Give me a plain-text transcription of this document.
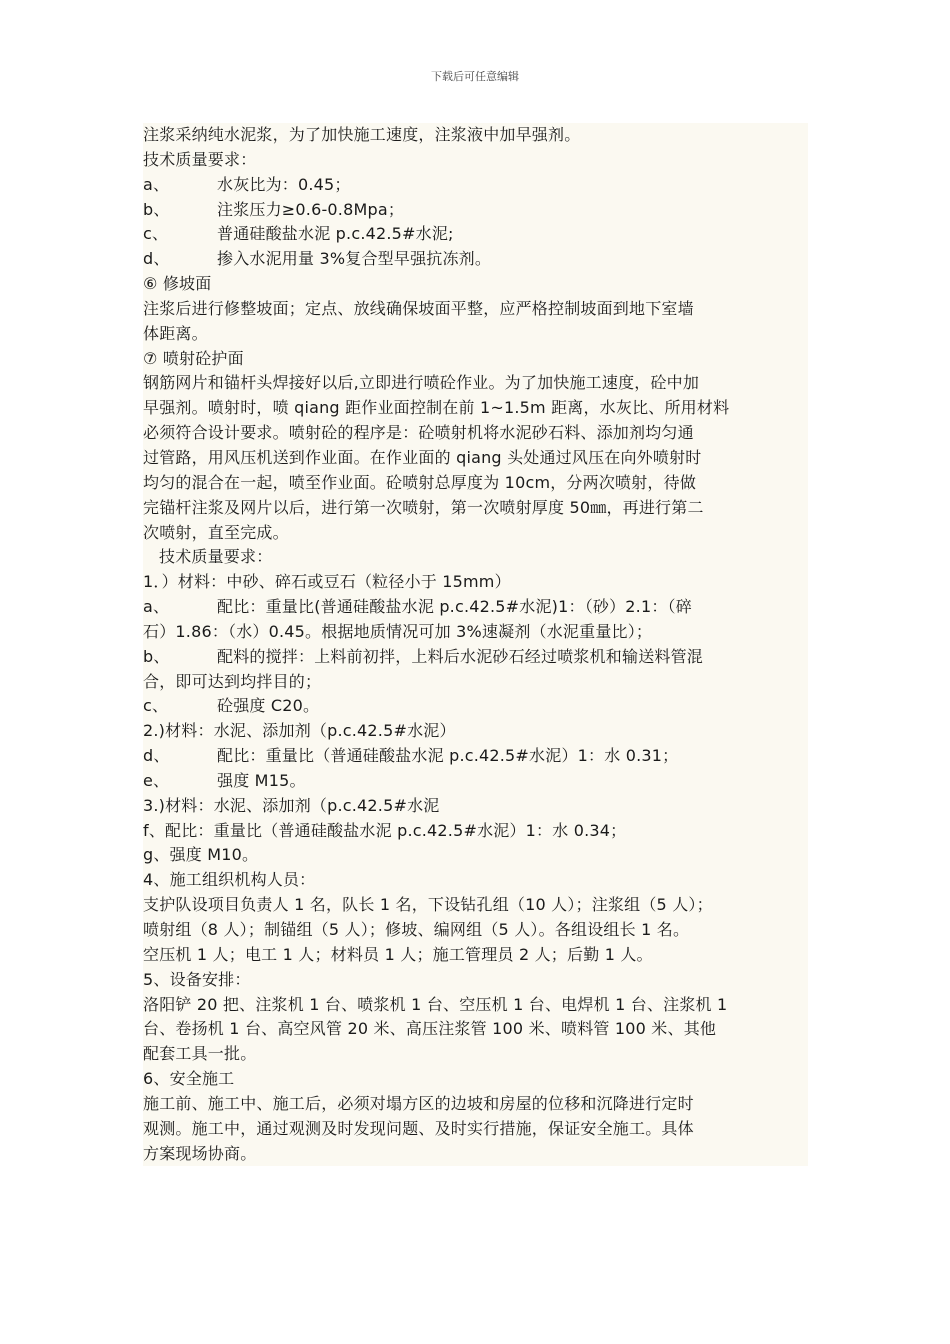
下载后可任意编辑
注浆采纳纯水泥浆，为了加快施工速度，注浆液中加早强剂。
技术质量要求：
a、	水灰比为：0.45；
b、	注浆压力≥0.6-0.8Mpa；
c、	普通硅酸盐水泥 p.c.42.5#水泥;
d、	掺入水泥用量 3%复合型早强抗冻剂。
⑥ 修坡面
注浆后进行修整坡面；定点、放线确保坡面平整，应严格控制坡面到地下室墙
体距离。
⑦ 喷射砼护面
钢筋网片和锚杆头焊接好以后,立即进行喷砼作业。为了加快施工速度，砼中加
早强剂。喷射时，喷 qiang 距作业面控制在前 1~1.5m 距离，水灰比、所用材料
必须符合设计要求。喷射砼的程序是：砼喷射机将水泥砂石料、添加剂均匀通
过管路，用风压机送到作业面。在作业面的 qiang 头处通过风压在向外喷射时
均匀的混合在一起，喷至作业面。砼喷射总厚度为 10cm，分两次喷射，待做
完锚杆注浆及网片以后，进行第一次喷射，第一次喷射厚度 50㎜，再进行第二
次喷射，直至完成。
技术质量要求：
1．）材料：中砂、碎石或豆石（粒径小于 15mm）
a、	配比：重量比(普通硅酸盐水泥 p.c.42.5#水泥)1：（砂）2.1：（碎
石）1.86：（水）0.45。根据地质情况可加 3%速凝剂（水泥重量比）；
b、	配料的搅拌：上料前初拌，上料后水泥砂石经过喷浆机和输送料管混
合，即可达到均拌目的；
c、	砼强度 C20。
2.)材料：水泥、添加剂（p.c.42.5#水泥）
d、	配比：重量比（普通硅酸盐水泥 p.c.42.5#水泥）1：水 0.31；
e、	强度 M15。
3.)材料：水泥、添加剂（p.c.42.5#水泥
f、配比：重量比（普通硅酸盐水泥 p.c.42.5#水泥）1：水 0.34；
g、强度 M10。
4、施工组织机构人员：
支护队设项目负责人 1 名，队长 1 名，下设钻孔组（10 人）；注浆组（5 人）；
喷射组（8 人）；制锚组（5 人）；修坡、编网组（5 人）。各组设组长 1 名。
空压机 1 人；电工 1 人；材料员 1 人；施工管理员 2 人；后勤 1 人。
5、设备安排：
洛阳铲 20 把、注浆机 1 台、喷浆机 1 台、空压机 1 台、电焊机 1 台、注浆机 1
台、卷扬机 1 台、高空风管 20 米、高压注浆管 100 米、喷料管 100 米、其他
配套工具一批。
6、安全施工
施工前、施工中、施工后，必须对塌方区的边坡和房屋的位移和沉降进行定时
观测。施工中，通过观测及时发现问题、及时实行措施，保证安全施工。具体
方案现场协商。
